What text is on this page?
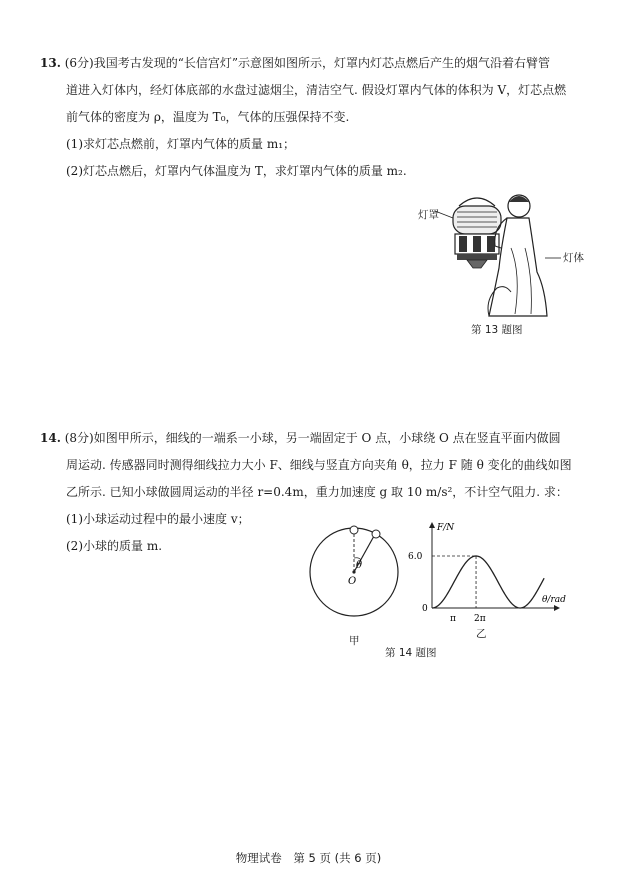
13. (6分)我国考古发现的“长信宫灯”示意图如图所示，灯罩内灯芯点燃后产生的烟气沿着右臂管

道进入灯体内，经灯体底部的水盘过滤烟尘，清洁空气. 假设灯罩内气体的体积为 V，灯芯点燃

前气体的密度为 ρ，温度为 T₀，气体的压强保持不变.

(1)求灯芯点燃前，灯罩内气体的质量 m₁；

(2)灯芯点燃后，灯罩内气体温度为 T，求灯罩内气体的质量 m₂.

灯罩
灯体
第 13 题图

14. (8分)如图甲所示，细线的一端系一小球，另一端固定于 O 点，小球绕 O 点在竖直平面内做圆

周运动. 传感器同时测得细线拉力大小 F、细线与竖直方向夹角 θ，拉力 F 随 θ 变化的曲线如图

乙所示. 已知小球做圆周运动的半径 r=0.4m，重力加速度 g 取 10 m/s²，不计空气阻力. 求：

(1)小球运动过程中的最小速度 v；

(2)小球的质量 m.

θ
O
甲
F/N
θ/rad
6.0
0
π 2π
乙
第 14 题图
物理试卷 第 5 页 (共 6 页)
